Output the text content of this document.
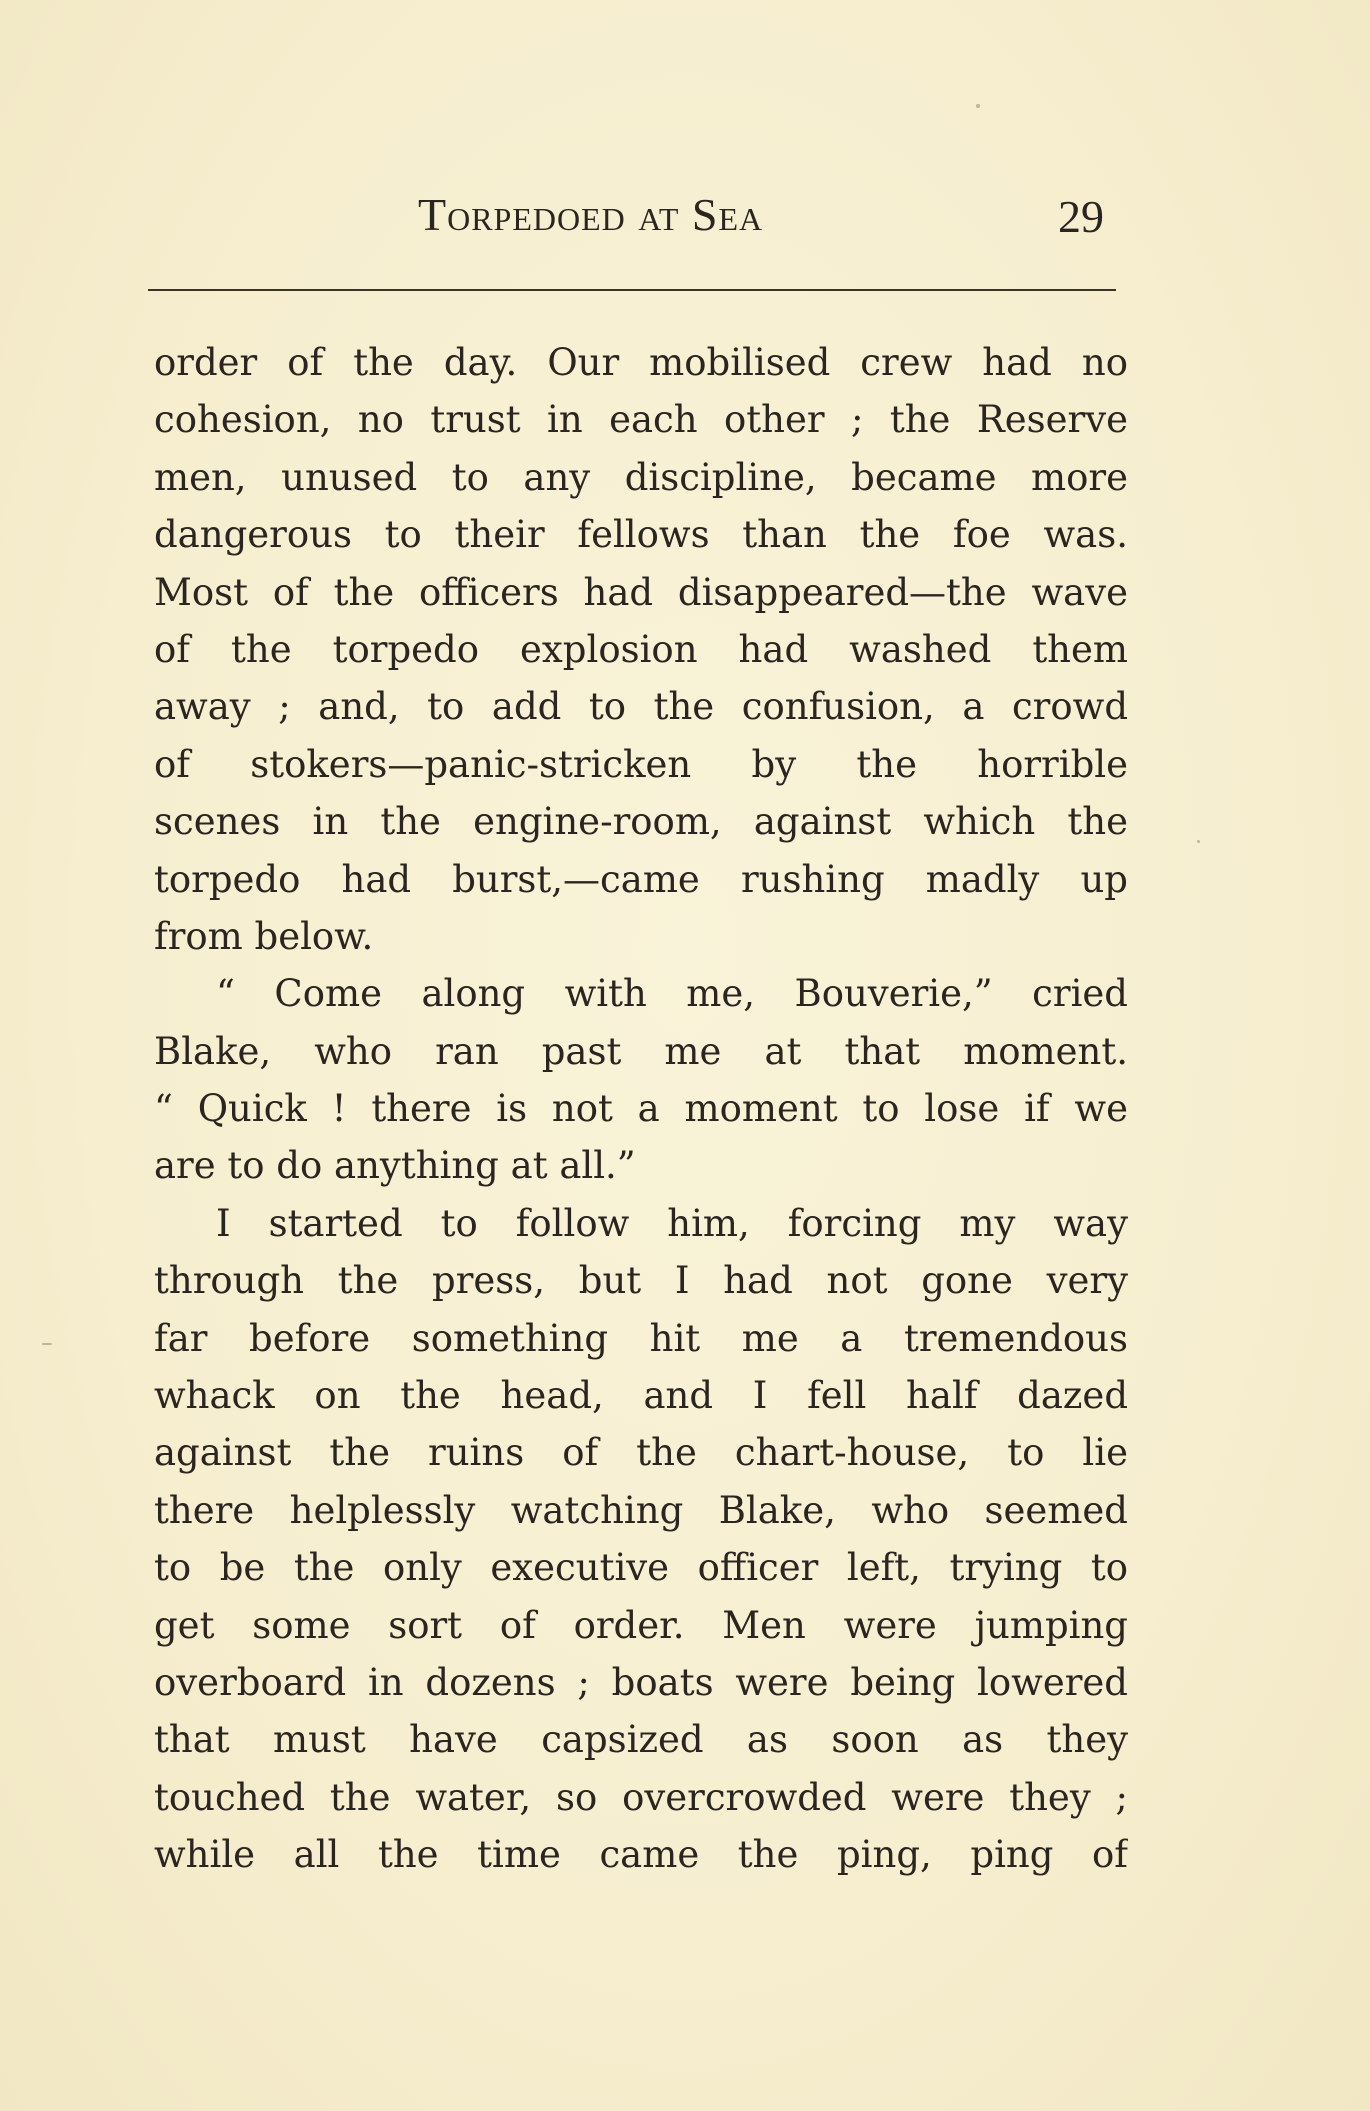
Torpedoed at Sea	29
order of the day. Our mobilised crew had no
cohesion, no trust in each other ; the Reserve
men, unused to any discipline, became more
dangerous to their fellows than the foe was.
Most of the officers had disappeared—the wave
of the torpedo explosion had washed them
away ; and, to add to the confusion, a crowd
of stokers—panic-stricken by the horrible
scenes in the engine-room, against which the
torpedo had burst,—came rushing madly up
from below.
“ Come along with me, Bouverie,” cried
Blake, who ran past me at that moment.
“ Quick ! there is not a moment to lose if we
are to do anything at all.”
I started to follow him, forcing my way
through the press, but I had not gone very
far before something hit me a tremendous
whack on the head, and I fell half dazed
against the ruins of the chart-house, to lie
there helplessly watching Blake, who seemed
to be the only executive officer left, trying to
get some sort of order. Men were jumping
overboard in dozens ; boats were being lowered
that must have capsized as soon as they
touched the water, so overcrowded were they ;
while all the time came the ping, ping of
